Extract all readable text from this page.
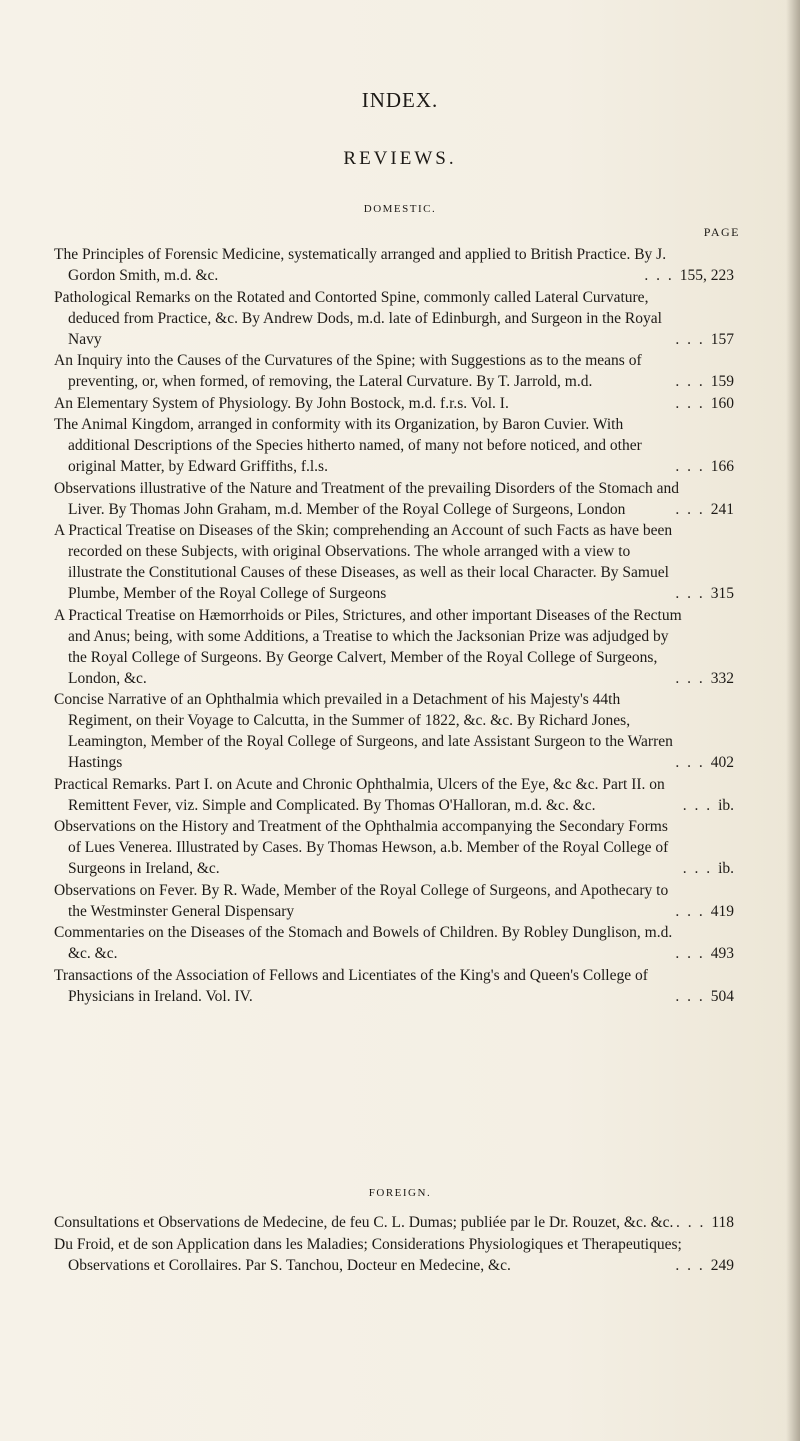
INDEX.
REVIEWS.
DOMESTIC.
PAGE
The Principles of Forensic Medicine, systematically arranged and applied to British Practice. By J. Gordon Smith, m.d. &c.	. . . 155, 223
Pathological Remarks on the Rotated and Contorted Spine, commonly called Lateral Curvature, deduced from Practice, &c. By Andrew Dods, m.d. late of Edinburgh, and Surgeon in the Royal Navy	. . . 157
An Inquiry into the Causes of the Curvatures of the Spine; with Suggestions as to the means of preventing, or, when formed, of removing, the Lateral Curvature. By T. Jarrold, m.d.	. . . 159
An Elementary System of Physiology. By John Bostock, m.d. f.r.s. Vol. I.	. . . 160
The Animal Kingdom, arranged in conformity with its Organization, by Baron Cuvier. With additional Descriptions of the Species hitherto named, of many not before noticed, and other original Matter, by Edward Griffiths, f.l.s.	. . . 166
Observations illustrative of the Nature and Treatment of the prevailing Disorders of the Stomach and Liver. By Thomas John Graham, m.d. Member of the Royal College of Surgeons, London	. . . 241
A Practical Treatise on Diseases of the Skin; comprehending an Account of such Facts as have been recorded on these Subjects, with original Observations. The whole arranged with a view to illustrate the Constitutional Causes of these Diseases, as well as their local Character. By Samuel Plumbe, Member of the Royal College of Surgeons	. . . 315
A Practical Treatise on Hæmorrhoids or Piles, Strictures, and other important Diseases of the Rectum and Anus; being, with some Additions, a Treatise to which the Jacksonian Prize was adjudged by the Royal College of Surgeons. By George Calvert, Member of the Royal College of Surgeons, London, &c.	. . . 332
Concise Narrative of an Ophthalmia which prevailed in a Detachment of his Majesty's 44th Regiment, on their Voyage to Calcutta, in the Summer of 1822, &c. &c. By Richard Jones, Leamington, Member of the Royal College of Surgeons, and late Assistant Surgeon to the Warren Hastings	. . . 402
Practical Remarks. Part I. on Acute and Chronic Ophthalmia, Ulcers of the Eye, &c &c. Part II. on Remittent Fever, viz. Simple and Complicated. By Thomas O'Halloran, m.d. &c. &c.	. . . ib.
Observations on the History and Treatment of the Ophthalmia accompanying the Secondary Forms of Lues Venerea. Illustrated by Cases. By Thomas Hewson, a.b. Member of the Royal College of Surgeons in Ireland, &c.	. . . ib.
Observations on Fever. By R. Wade, Member of the Royal College of Surgeons, and Apothecary to the Westminster General Dispensary	. . . 419
Commentaries on the Diseases of the Stomach and Bowels of Children. By Robley Dunglison, m.d. &c. &c.	. . . 493
Transactions of the Association of Fellows and Licentiates of the King's and Queen's College of Physicians in Ireland. Vol. IV.	. . . 504
FOREIGN.
Consultations et Observations de Medecine, de feu C. L. Dumas; publiée par le Dr. Rouzet, &c. &c.	. . . 118
Du Froid, et de son Application dans les Maladies; Considerations Physiologiques et Therapeutiques; Observations et Corollaires. Par S. Tanchou, Docteur en Medecine, &c.	. . . 249
